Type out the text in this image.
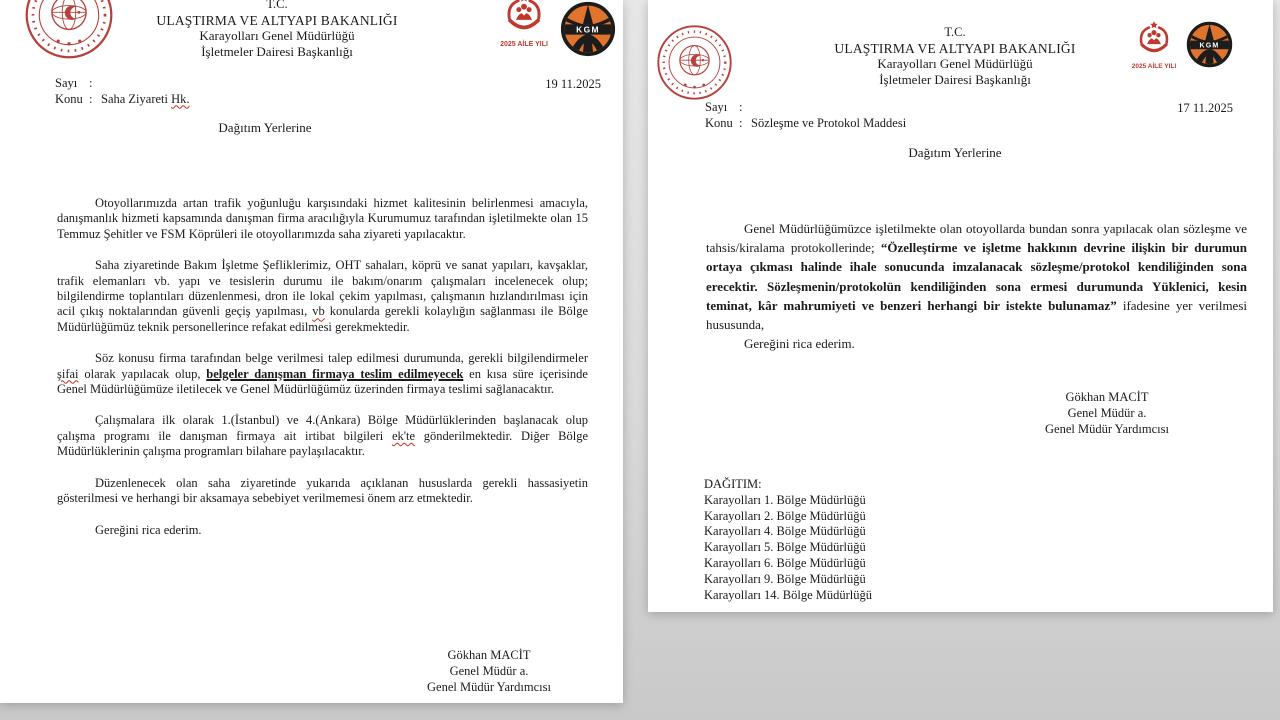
T.C.
ULAŞTIRMA VE ALTYAPI BAKANLIĞI
Karayolları Genel Müdürlüğü
İşletmeler Dairesi Başkanlığı	2025 AİLE YILI
KGM
Sayı :
Konu : Saha Ziyareti Hk.
19 11.2025
Dağıtım Yerlerine

Otoyollarımızda artan trafik yoğunluğu karşısındaki hizmet kalitesinin belirlenmesi amacıyla, danışmanlık hizmeti kapsamında danışman firma aracılığıyla Kurumumuz tarafından işletilmekte olan 15 Temmuz Şehitler ve FSM Köprüleri ile otoyollarımızda saha ziyareti yapılacaktır.

Saha ziyaretinde Bakım İşletme Şefliklerimiz, OHT sahaları, köprü ve sanat yapıları, kavşaklar, trafik elemanları vb. yapı ve tesislerin durumu ile bakım/onarım çalışmaları incelenecek olup; bilgilendirme toplantıları düzenlenmesi, dron ile lokal çekim yapılması, çalışmanın hızlandırılması için acil çıkış noktalarından güvenli geçiş yapılması, vb konularda gerekli kolaylığın sağlanması ile Bölge Müdürlüğümüz teknik personellerince refakat edilmesi gerekmektedir.

Söz konusu firma tarafından belge verilmesi talep edilmesi durumunda, gerekli bilgilendirmeler şifai olarak yapılacak olup, belgeler danışman firmaya teslim edilmeyecek en kısa süre içerisinde Genel Müdürlüğümüze iletilecek ve Genel Müdürlüğümüz üzerinden firmaya teslimi sağlanacaktır.

Çalışmalara ilk olarak 1.(İstanbul) ve 4.(Ankara) Bölge Müdürlüklerinden başlanacak olup çalışma programı ile danışman firmaya ait irtibat bilgileri ek'te gönderilmektedir. Diğer Bölge Müdürlüklerinin çalışma programları bilahare paylaşılacaktır.

Düzenlenecek olan saha ziyaretinde yukarıda açıklanan hususlarda gerekli hassasiyetin gösterilmesi ve herhangi bir aksamaya sebebiyet verilmemesi önem arz etmektedir.

Gereğini rica ederim.

Gökhan MACİT
Genel Müdür a.
Genel Müdür Yardımcısı
T.C.
ULAŞTIRMA VE ALTYAPI BAKANLIĞI
Karayolları Genel Müdürlüğü
İşletmeler Dairesi Başkanlığı
2025 AİLE YILI
KGM
Sayı :
Konu : Sözleşme ve Protokol Maddesi
17 11.2025
Dağıtım Yerlerine

Genel Müdürlüğümüzce işletilmekte olan otoyollarda bundan sonra yapılacak olan sözleşme ve tahsis/kiralama protokollerinde; “Özelleştirme ve işletme hakkının devrine ilişkin bir durumun ortaya çıkması halinde ihale sonucunda imzalanacak sözleşme/protokol kendiliğinden sona erecektir. Sözleşmenin/protokolün kendiliğinden sona ermesi durumunda Yüklenici, kesin teminat, kâr mahrumiyeti ve benzeri herhangi bir istekte bulunamaz” ifadesine yer verilmesi hususunda,

Gereğini rica ederim.

Gökhan MACİT
Genel Müdür a.
Genel Müdür Yardımcısı
DAĞITIM:
Karayolları 1. Bölge Müdürlüğü
Karayolları 2. Bölge Müdürlüğü
Karayolları 4. Bölge Müdürlüğü
Karayolları 5. Bölge Müdürlüğü
Karayolları 6. Bölge Müdürlüğü
Karayolları 9. Bölge Müdürlüğü
Karayolları 14. Bölge Müdürlüğü
